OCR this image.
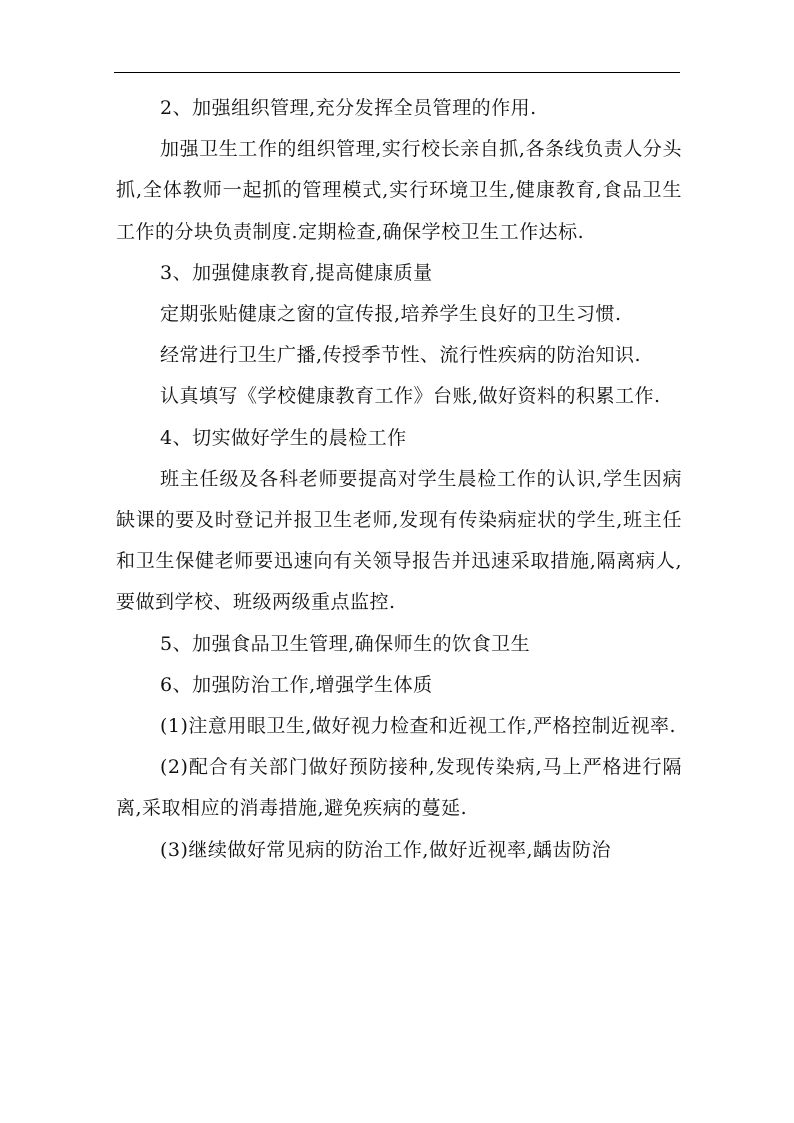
2、加强组织管理,充分发挥全员管理的作用.

加强卫生工作的组织管理,实行校长亲自抓,各条线负责人分头抓,全体教师一起抓的管理模式,实行环境卫生,健康教育,食品卫生工作的分块负责制度.定期检查,确保学校卫生工作达标.

3、加强健康教育,提高健康质量

定期张贴健康之窗的宣传报,培养学生良好的卫生习惯.

经常进行卫生广播,传授季节性、流行性疾病的防治知识.

认真填写《学校健康教育工作》台账,做好资料的积累工作.

4、切实做好学生的晨检工作

班主任级及各科老师要提高对学生晨检工作的认识,学生因病缺课的要及时登记并报卫生老师,发现有传染病症状的学生,班主任和卫生保健老师要迅速向有关领导报告并迅速采取措施,隔离病人,要做到学校、班级两级重点监控.

5、加强食品卫生管理,确保师生的饮食卫生

6、加强防治工作,增强学生体质

(1)注意用眼卫生,做好视力检查和近视工作,严格控制近视率.

(2)配合有关部门做好预防接种,发现传染病,马上严格进行隔离,采取相应的消毒措施,避免疾病的蔓延.

(3)继续做好常见病的防治工作,做好近视率,龋齿防治
